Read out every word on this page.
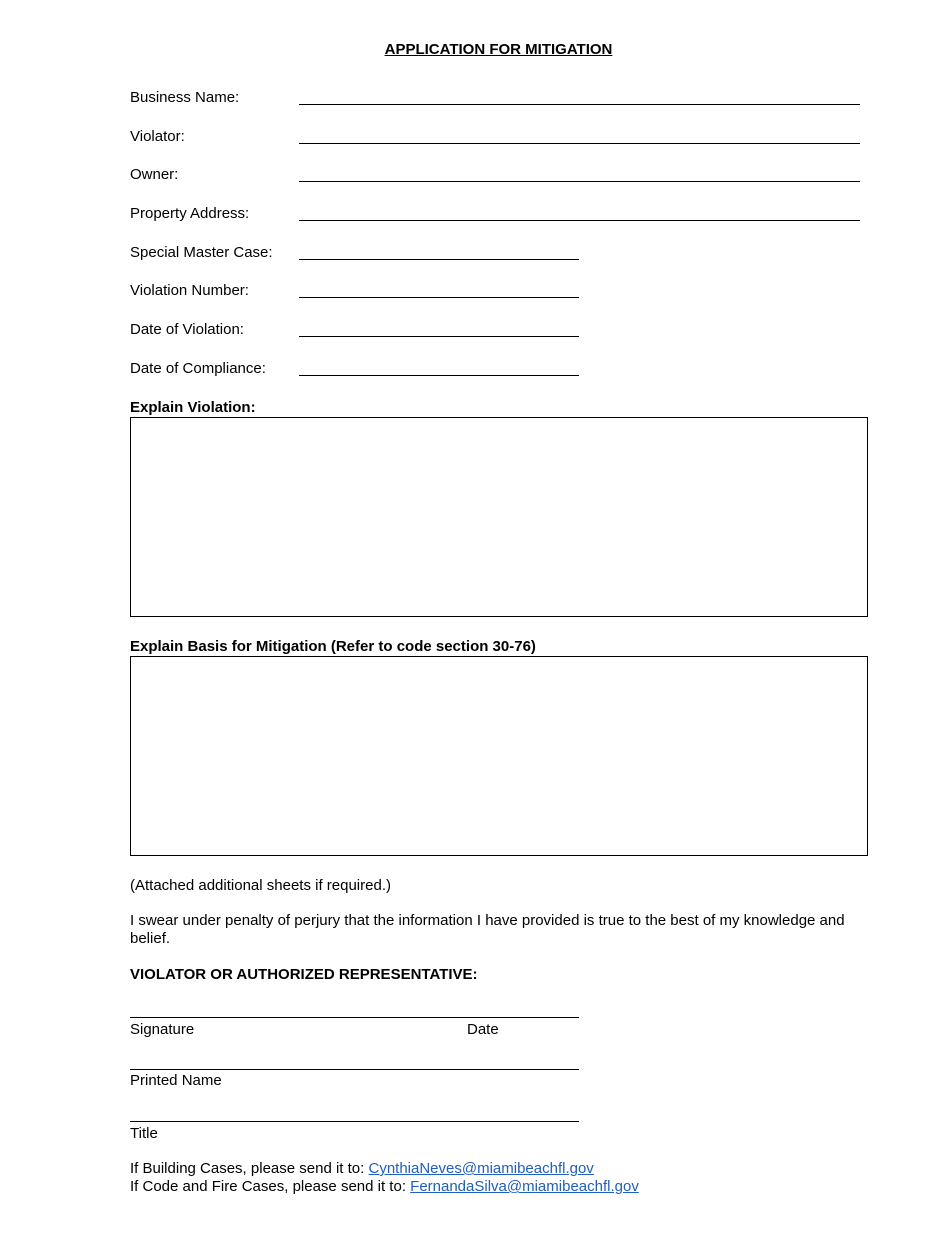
APPLICATION FOR MITIGATION
Business Name:
Violator:
Owner:
Property Address:
Special Master Case:
Violation Number:
Date of Violation:
Date of Compliance:
Explain Violation:
Explain Basis for Mitigation (Refer to code section 30-76)
(Attached additional sheets if required.)
I swear under penalty of perjury that the information I have provided is true to the best of my knowledge and belief.
VIOLATOR OR AUTHORIZED REPRESENTATIVE:
Signature	Date
Printed Name
Title
If Building Cases, please send it to: CynthiaNeves@miamibeachfl.gov
If Code and Fire Cases, please send it to: FernandaSilva@miamibeachfl.gov
